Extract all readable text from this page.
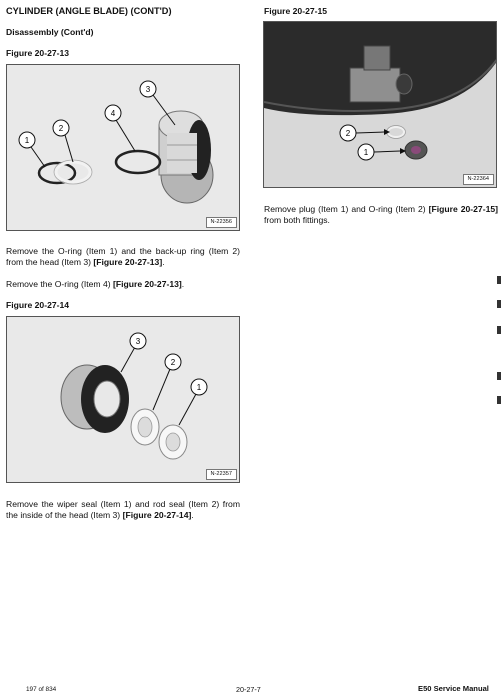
CYLINDER (ANGLE BLADE) (CONT'D)
Disassembly (Cont'd)
Figure 20-27-13
3
4
2
1
N-22356
Remove the O-ring (Item 1) and the back-up ring (Item 2) from the head (Item 3) [Figure 20-27-13].
Remove the O-ring (Item 4) [Figure 20-27-13].
Figure 20-27-14
3
2
1
N-22357
Remove the wiper seal (Item 1) and rod seal (Item 2) from the inside of the head (Item 3) [Figure 20-27-14].
Figure 20-27-15
2
1
N-22364
Remove plug (Item 1) and O-ring (Item 2) [Figure 20-27-15] from both fittings.
197 of 834	20-27-7	E50 Service Manual
